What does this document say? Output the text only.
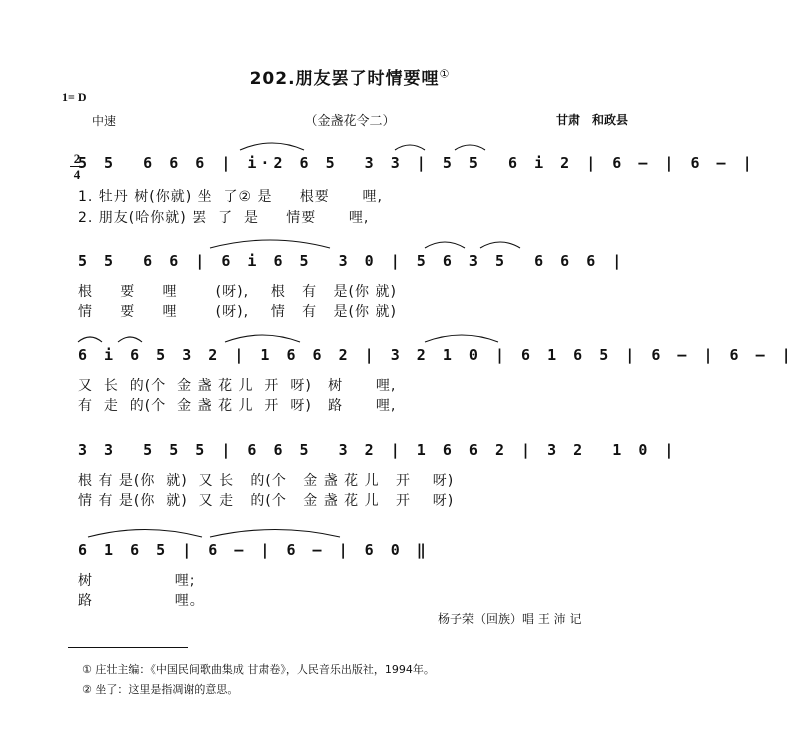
202.朋友罢了时情要哩①
1= D
中速	（金盏花令二）	甘肃　和政县
2
4
5 5  6 6 6 | i·2 6 5  3 3 | 5 5  6 i 2 | 6 — | 6 — |
1. 牡丹 树(你就) 坐  了② 是     根要      哩,
2. 朋友(哈你就) 罢  了  是     情要      哩,
5 5  6 6 | 6 i 6 5  3 0 | 5 6 3 5  6 6 6 |
根     要     哩       (呀),    根   有   是(你 就)
情     要     哩       (呀),    情   有   是(你 就)
6 i 6 5 3 2 | 1 6 6 2 | 3 2 1 0 | 6 1 6 5 | 6 — | 6 — |
又  长  的(个  金 盏 花 儿  开  呀)   树      哩,
有  走  的(个  金 盏 花 儿  开  呀)   路      哩,
3 3  5 5 5 | 6 6 5  3 2 | 1 6 6 2 | 3 2  1 0 |
根 有 是(你  就)  又 长   的(个   金 盏 花 儿   开    呀)
情 有 是(你  就)  又 走   的(个   金 盏 花 儿   开    呀)
6 1 6 5 | 6 — | 6 — | 6 0 ‖
树               哩;
路               哩。
杨子荣（回族）唱 王 沛 记
① 庄壮主编：《中国民间歌曲集成 甘肃卷》，人民音乐出版社，1994年。
② 坐了：这里是指凋谢的意思。
